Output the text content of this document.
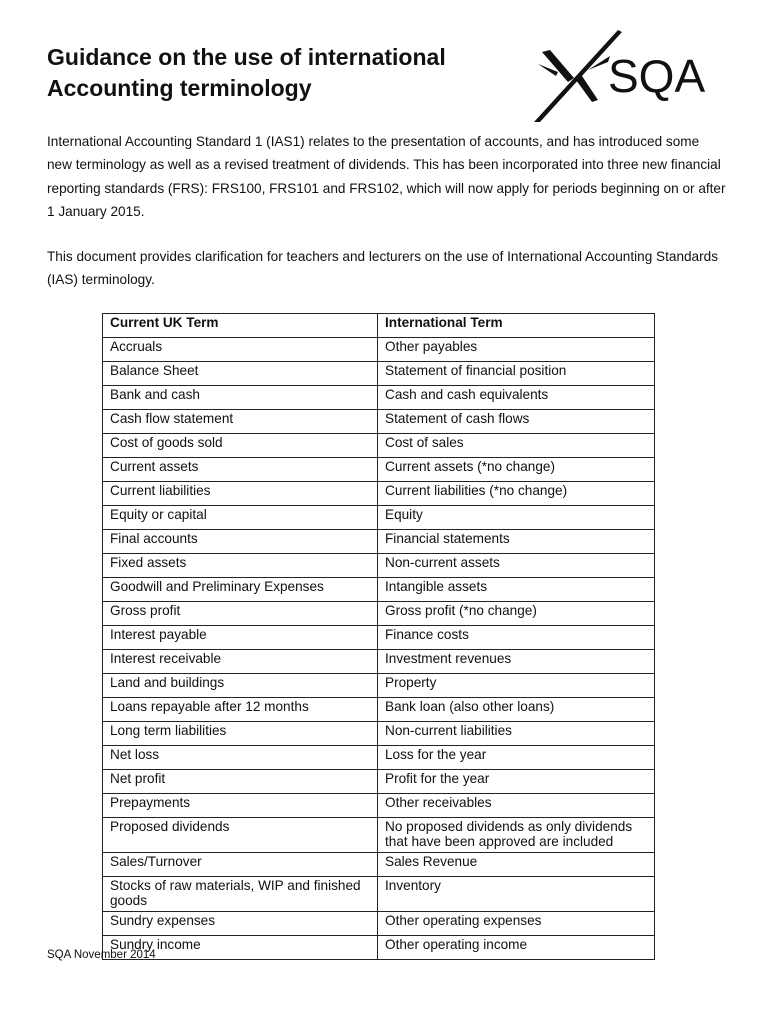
Guidance on the use of international
Accounting terminology	SQA

International Accounting Standard 1 (IAS1) relates to the presentation of accounts, and has introduced some new terminology as well as a revised treatment of dividends. This has been incorporated into three new financial reporting standards (FRS): FRS100, FRS101 and FRS102, which will now apply for periods beginning on or after 1 January 2015.

This document provides clarification for teachers and lecturers on the use of International Accounting Standards (IAS) terminology.

Current UK Term	International Term
Accruals	Other payables
Balance Sheet	Statement of financial position
Bank and cash	Cash and cash equivalents
Cash flow statement	Statement of cash flows
Cost of goods sold	Cost of sales
Current assets	Current assets (*no change)
Current liabilities	Current liabilities (*no change)
Equity or capital	Equity
Final accounts	Financial statements
Fixed assets	Non-current assets
Goodwill and Preliminary Expenses	Intangible assets
Gross profit	Gross profit (*no change)
Interest payable	Finance costs
Interest receivable	Investment revenues
Land and buildings	Property
Loans repayable after 12 months	Bank loan (also other loans)
Long term liabilities	Non-current liabilities
Net loss	Loss for the year
Net profit	Profit for the year
Prepayments	Other receivables
Proposed dividends	No proposed dividends as only dividends that have been approved are included
Sales/Turnover	Sales Revenue
Stocks of raw materials, WIP and finished goods	Inventory
Sundry expenses	Other operating expenses
Sundry income	Other operating income

SQA November 2014
